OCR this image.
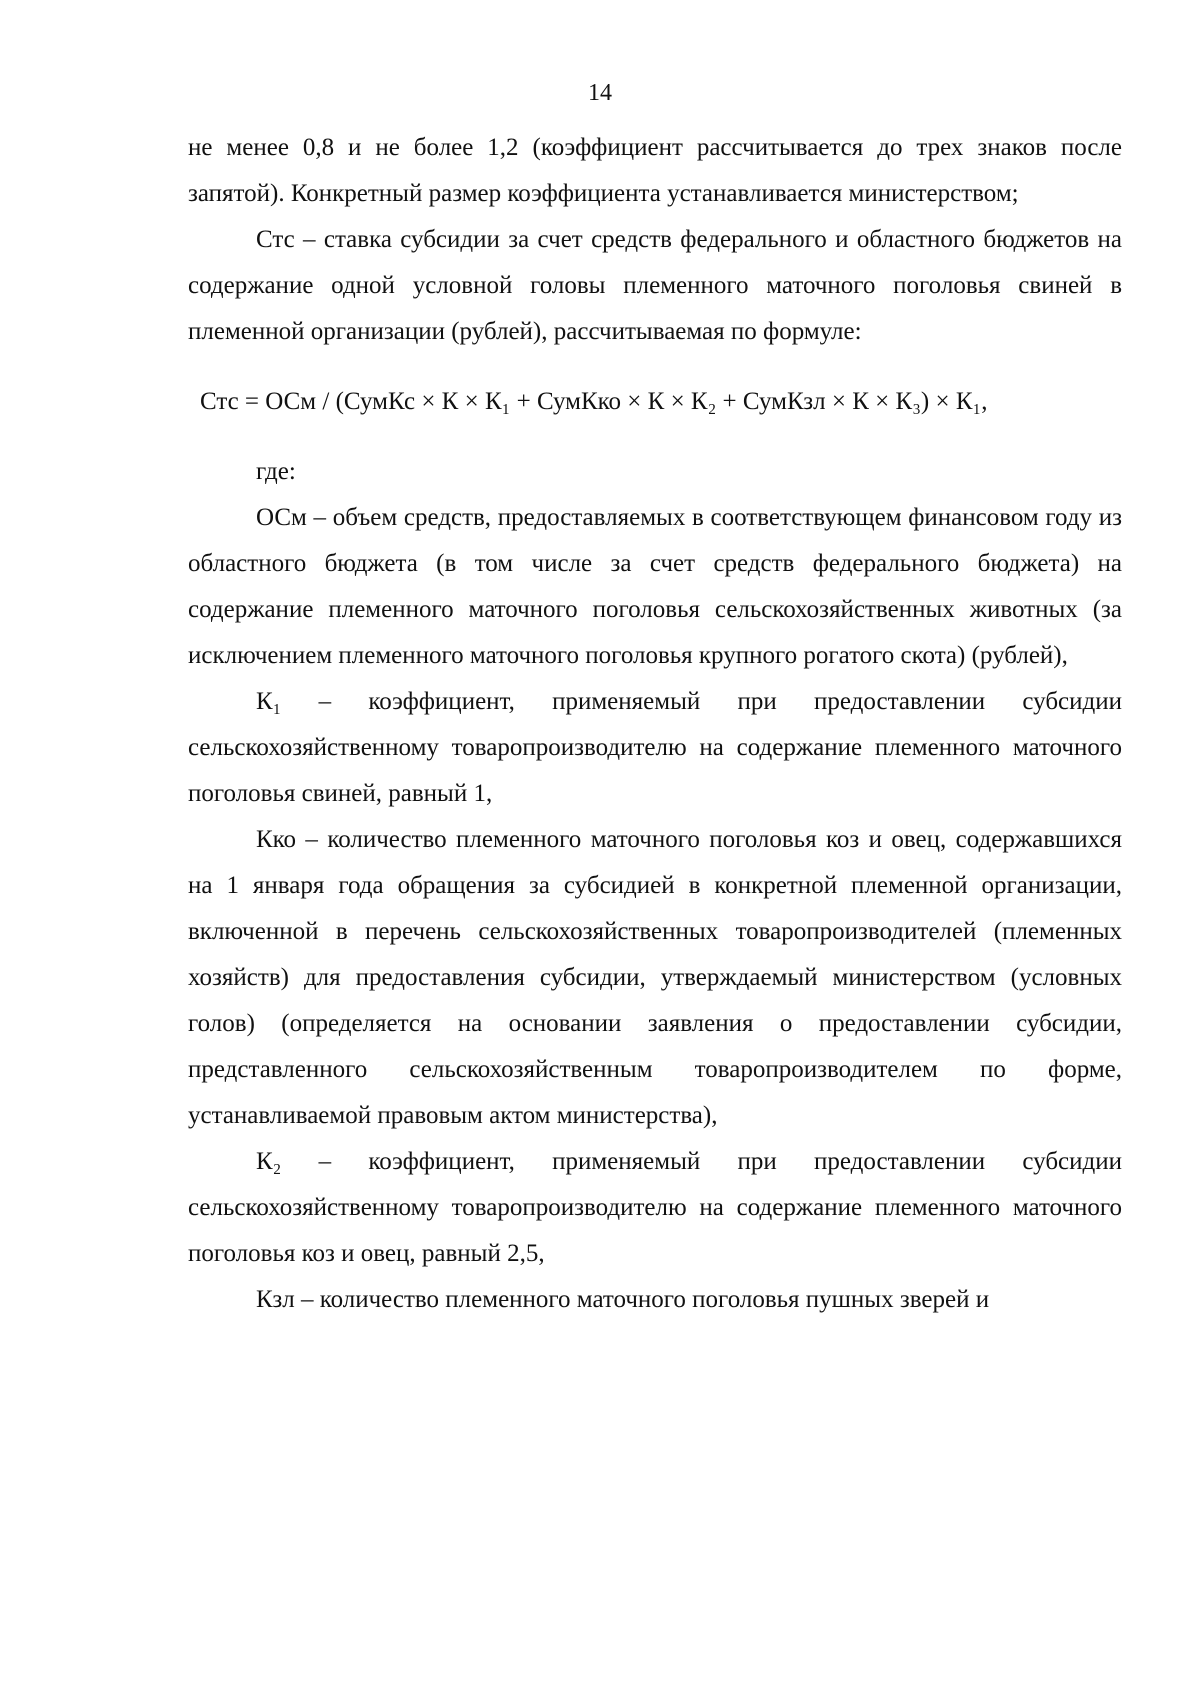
14

не менее 0,8 и не более 1,2 (коэффициент рассчитывается до трех знаков после запятой). Конкретный размер коэффициента устанавливается министерством;

Стс – ставка субсидии за счет средств федерального и областного бюджетов на содержание одной условной головы племенного маточного поголовья свиней в племенной организации (рублей), рассчитываемая по формуле:

Стс = ОСм / (СумКс × К × К₁ + СумКко × К × К₂ + СумКзл × К × К₃) × К₁,

где:

ОСм – объем средств, предоставляемых в соответствующем финансовом году из областного бюджета (в том числе за счет средств федерального бюджета) на содержание племенного маточного поголовья сельскохозяйственных животных (за исключением племенного маточного поголовья крупного рогатого скота) (рублей),

К₁ – коэффициент, применяемый при предоставлении субсидии сельскохозяйственному товаропроизводителю на содержание племенного маточного поголовья свиней, равный 1,

Кко – количество племенного маточного поголовья коз и овец, содержавшихся на 1 января года обращения за субсидией в конкретной племенной организации, включенной в перечень сельскохозяйственных товаропроизводителей (племенных хозяйств) для предоставления субсидии, утверждаемый министерством (условных голов) (определяется на основании заявления о предоставлении субсидии, представленного сельскохозяйственным товаропроизводителем по форме, устанавливаемой правовым актом министерства),

К₂ – коэффициент, применяемый при предоставлении субсидии сельскохозяйственному товаропроизводителю на содержание племенного маточного поголовья коз и овец, равный 2,5,

Кзл – количество племенного маточного поголовья пушных зверей и
